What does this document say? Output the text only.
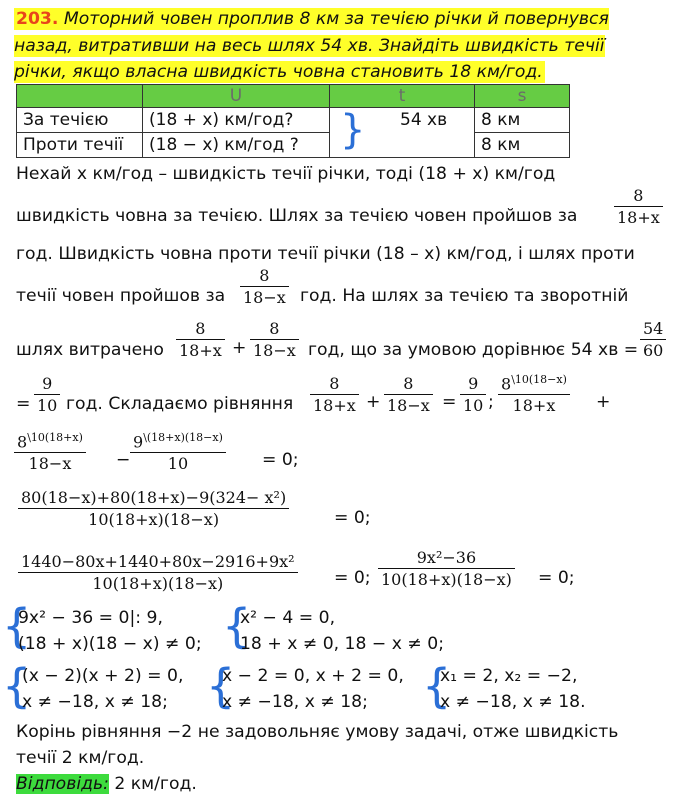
203. Моторний човен проплив 8 км за течією річки й повернувся назад, витративши на весь шлях 54 хв. Знайдіть швидкість течії річки, якщо власна швидкість човна становить 18 км/год.
	U	t	s
За течією	(18 + x) км/год?	} 54 хв	8 км
Проти течії	(18 − x) км/год ?		8 км
Нехай x км/год – швидкість течії річки, тоді (18 + x) км/год
швидкість човна за течією. Шлях за течією човен пройшов за
8
18+x
год. Швидкість човна проти течії річки (18 – x) км/год, і шлях проти
течії човен пройшов за
8
18−x год. На шлях за течією та зворотній
шлях витрачено
8
18+x +
8
18−x год, що за умовою дорівнює 54 хв =
54
60
=
9
10 год. Складаємо рівняння
8
18+x +
8
18−x =
9
10 ;
$8^{\backslash 10(18-x)}$
18+x +
$8^{\backslash 10(18+x)}$
18−x	−
$9^{\backslash(18+x)(18-x)}$
10	= 0;
80(18−x)+80(18+x)−9(324− x²)
10(18+x)(18−x)	= 0;
1440−80x+1440+80x−2916+9x²
10(18+x)(18−x)	= 0;
9x²−36
10(18+x)(18−x) = 0;
{
9x² − 36 = 0|: 9,
(18 + x)(18 − x) ≠ 0; {
x² − 4 = 0,
18 + x ≠ 0, 18 − x ≠ 0;
{
(x − 2)(x + 2) = 0,
x ≠ −18, x ≠ 18; {
x − 2 = 0, x + 2 = 0,
x ≠ −18, x ≠ 18; {
x₁ = 2, x₂ = −2,
x ≠ −18, x ≠ 18.
Корінь рівняння −2 не задовольняє умову задачі, отже швидкість
течії 2 км/год.
Відповідь: 2 км/год.
